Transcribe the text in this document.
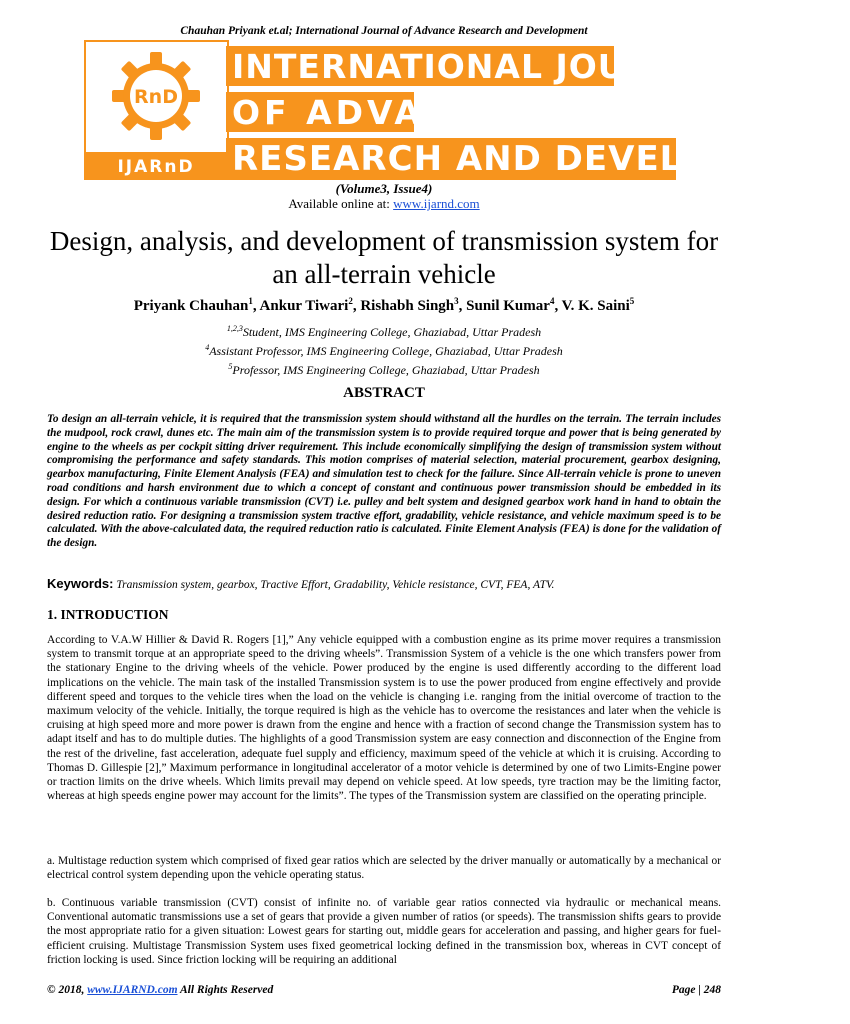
Chauhan Priyank et.al; International Journal of Advance Research and Development
RnD
IJARnD
INTERNATIONAL JOURNAL
OF ADVANCE
RESEARCH AND DEVELOPMENT
(Volume3, Issue4)
Available online at: www.ijarnd.com
Design, analysis, and development of transmission system for an all-terrain vehicle
Priyank Chauhan$^1$, Ankur Tiwari$^2$, Rishabh Singh$^3$, Sunil Kumar$^4$, V. K. Saini$^5$
$^{1,2,3}$Student, IMS Engineering College, Ghaziabad, Uttar Pradesh
$^4$Assistant Professor, IMS Engineering College, Ghaziabad, Uttar Pradesh
$^5$Professor, IMS Engineering College, Ghaziabad, Uttar Pradesh
ABSTRACT
To design an all-terrain vehicle, it is required that the transmission system should withstand all the hurdles on the terrain. The terrain includes the mudpool, rock crawl, dunes etc. The main aim of the transmission system is to provide required torque and power that is being generated by engine to the wheels as per cockpit sitting driver requirement. This include economically simplifying the design of transmission system without compromising the performance and safety standards. This motion comprises of material selection, material procurement, gearbox designing, gearbox manufacturing, Finite Element Analysis (FEA) and simulation test to check for the failure. Since All-terrain vehicle is prone to uneven road conditions and harsh environment due to which a concept of constant and continuous power transmission should be embedded in its design. For which a continuous variable transmission (CVT) i.e. pulley and belt system and designed gearbox work hand in hand to obtain the desired reduction ratio. For designing a transmission system tractive effort, gradability, vehicle resistance, and vehicle maximum speed is to be calculated. With the above-calculated data, the required reduction ratio is calculated. Finite Element Analysis (FEA) is done for the validation of the design.
Keywords: Transmission system, gearbox, Tractive Effort, Gradability, Vehicle resistance, CVT, FEA, ATV.
1. INTRODUCTION
According to V.A.W Hillier & David R. Rogers [1],” Any vehicle equipped with a combustion engine as its prime mover requires a transmission system to transmit torque at an appropriate speed to the driving wheels”. Transmission System of a vehicle is the one which transfers power from the stationary Engine to the driving wheels of the vehicle. Power produced by the engine is used differently according to the different load implications on the vehicle. The main task of the installed Transmission system is to use the power produced from engine effectively and provide different speed and torques to the vehicle tires when the load on the vehicle is changing i.e. ranging from the initial overcome of traction to the maximum velocity of the vehicle. Initially, the torque required is high as the vehicle has to overcome the resistances and later when the vehicle is cruising at high speed more and more power is drawn from the engine and hence with a fraction of second change the Transmission system has to adapt itself and has to do multiple duties. The highlights of a good Transmission system are easy connection and disconnection of the Engine from the rest of the driveline, fast acceleration, adequate fuel supply and efficiency, maximum speed of the vehicle at which it is cruising. According to Thomas D. Gillespie [2],” Maximum performance in longitudinal accelerator of a motor vehicle is determined by one of two Limits-Engine power or traction limits on the drive wheels. Which limits prevail may depend on vehicle speed. At low speeds, tyre traction may be the limiting factor, whereas at high speeds engine power may account for the limits”. The types of the Transmission system are classified on the operating principle.
a. Multistage reduction system which comprised of fixed gear ratios which are selected by the driver manually or automatically by a mechanical or electrical control system depending upon the vehicle operating status.
b. Continuous variable transmission (CVT) consist of infinite no. of variable gear ratios connected via hydraulic or mechanical means. Conventional automatic transmissions use a set of gears that provide a given number of ratios (or speeds). The transmission shifts gears to provide the most appropriate ratio for a given situation: Lowest gears for starting out, middle gears for acceleration and passing, and higher gears for fuel-efficient cruising. Multistage Transmission System uses fixed geometrical locking defined in the transmission box, whereas in CVT concept of friction locking is used. Since friction locking will be requiring an additional
© 2018, www.IJARND.com All Rights Reserved	Page | 248
